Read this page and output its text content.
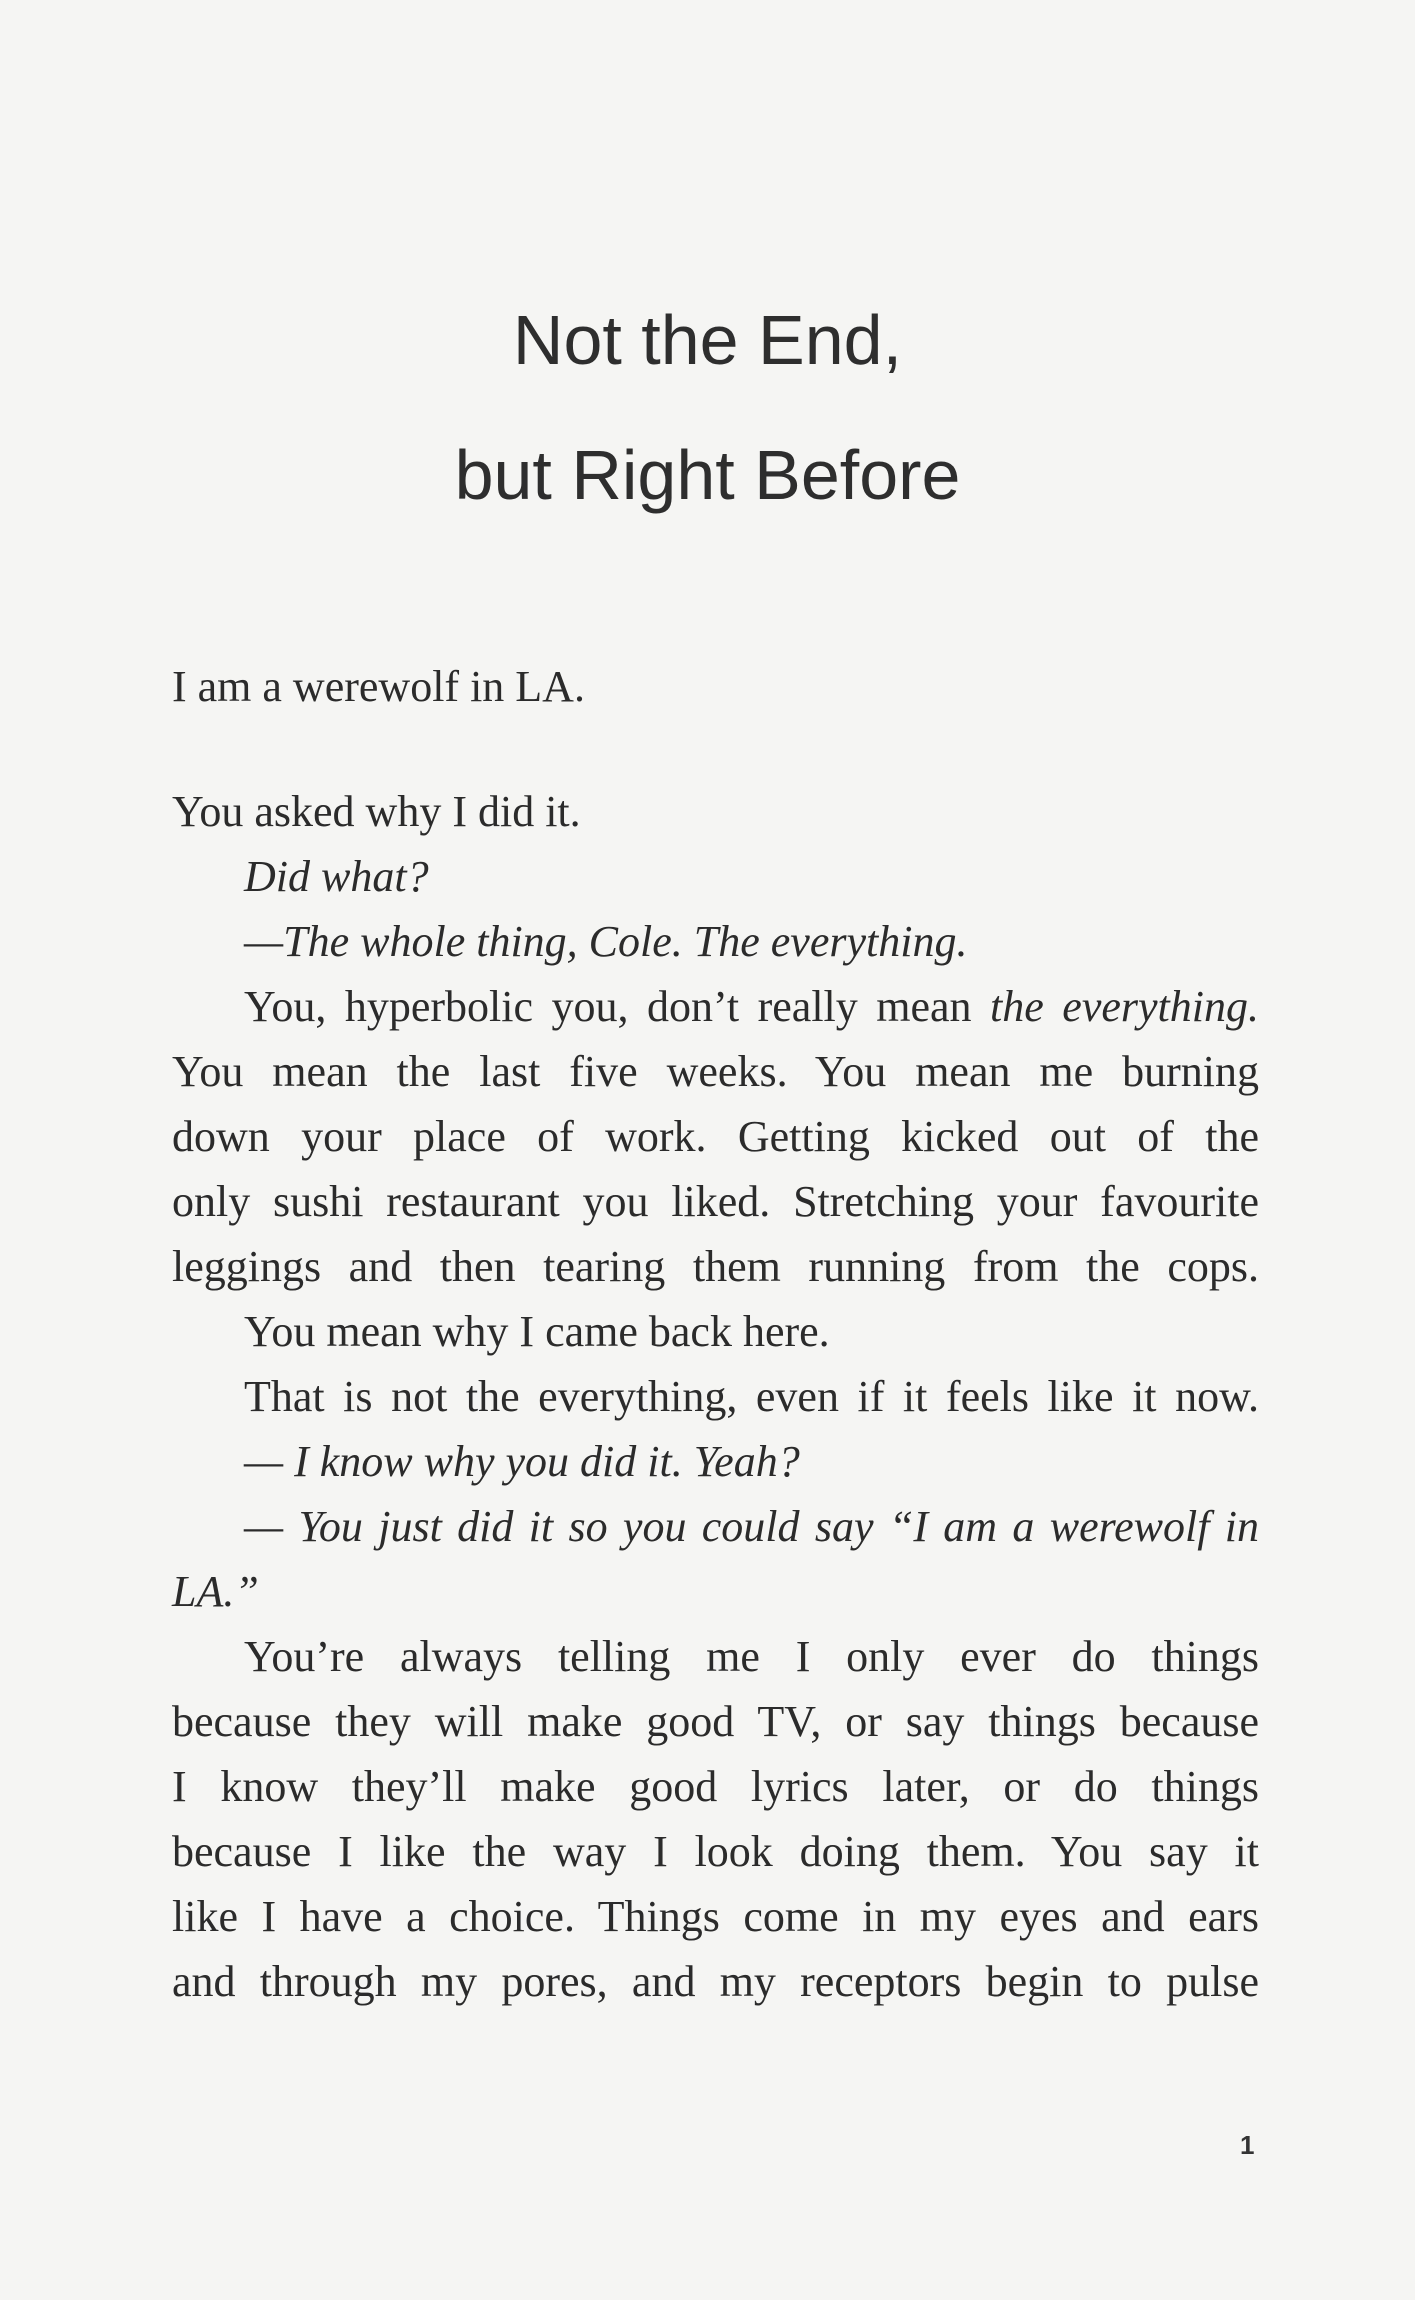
Not the End,
but Right Before

I am a werewolf in LA.

You asked why I did it.

Did what?

—The whole thing, Cole. The everything.

You, hyperbolic you, don’t really mean the everything.

You mean the last five weeks. You mean me burning

down your place of work. Getting kicked out of the

only sushi restaurant you liked. Stretching your favourite

leggings and then tearing them running from the cops.

You mean why I came back here.

That is not the everything, even if it feels like it now.

— I know why you did it. Yeah?

— You just did it so you could say “I am a werewolf in

LA.”

You’re always telling me I only ever do things

because they will make good TV, or say things because

I know they’ll make good lyrics later, or do things

because I like the way I look doing them. You say it

like I have a choice. Things come in my eyes and ears

and through my pores, and my receptors begin to pulse

1
